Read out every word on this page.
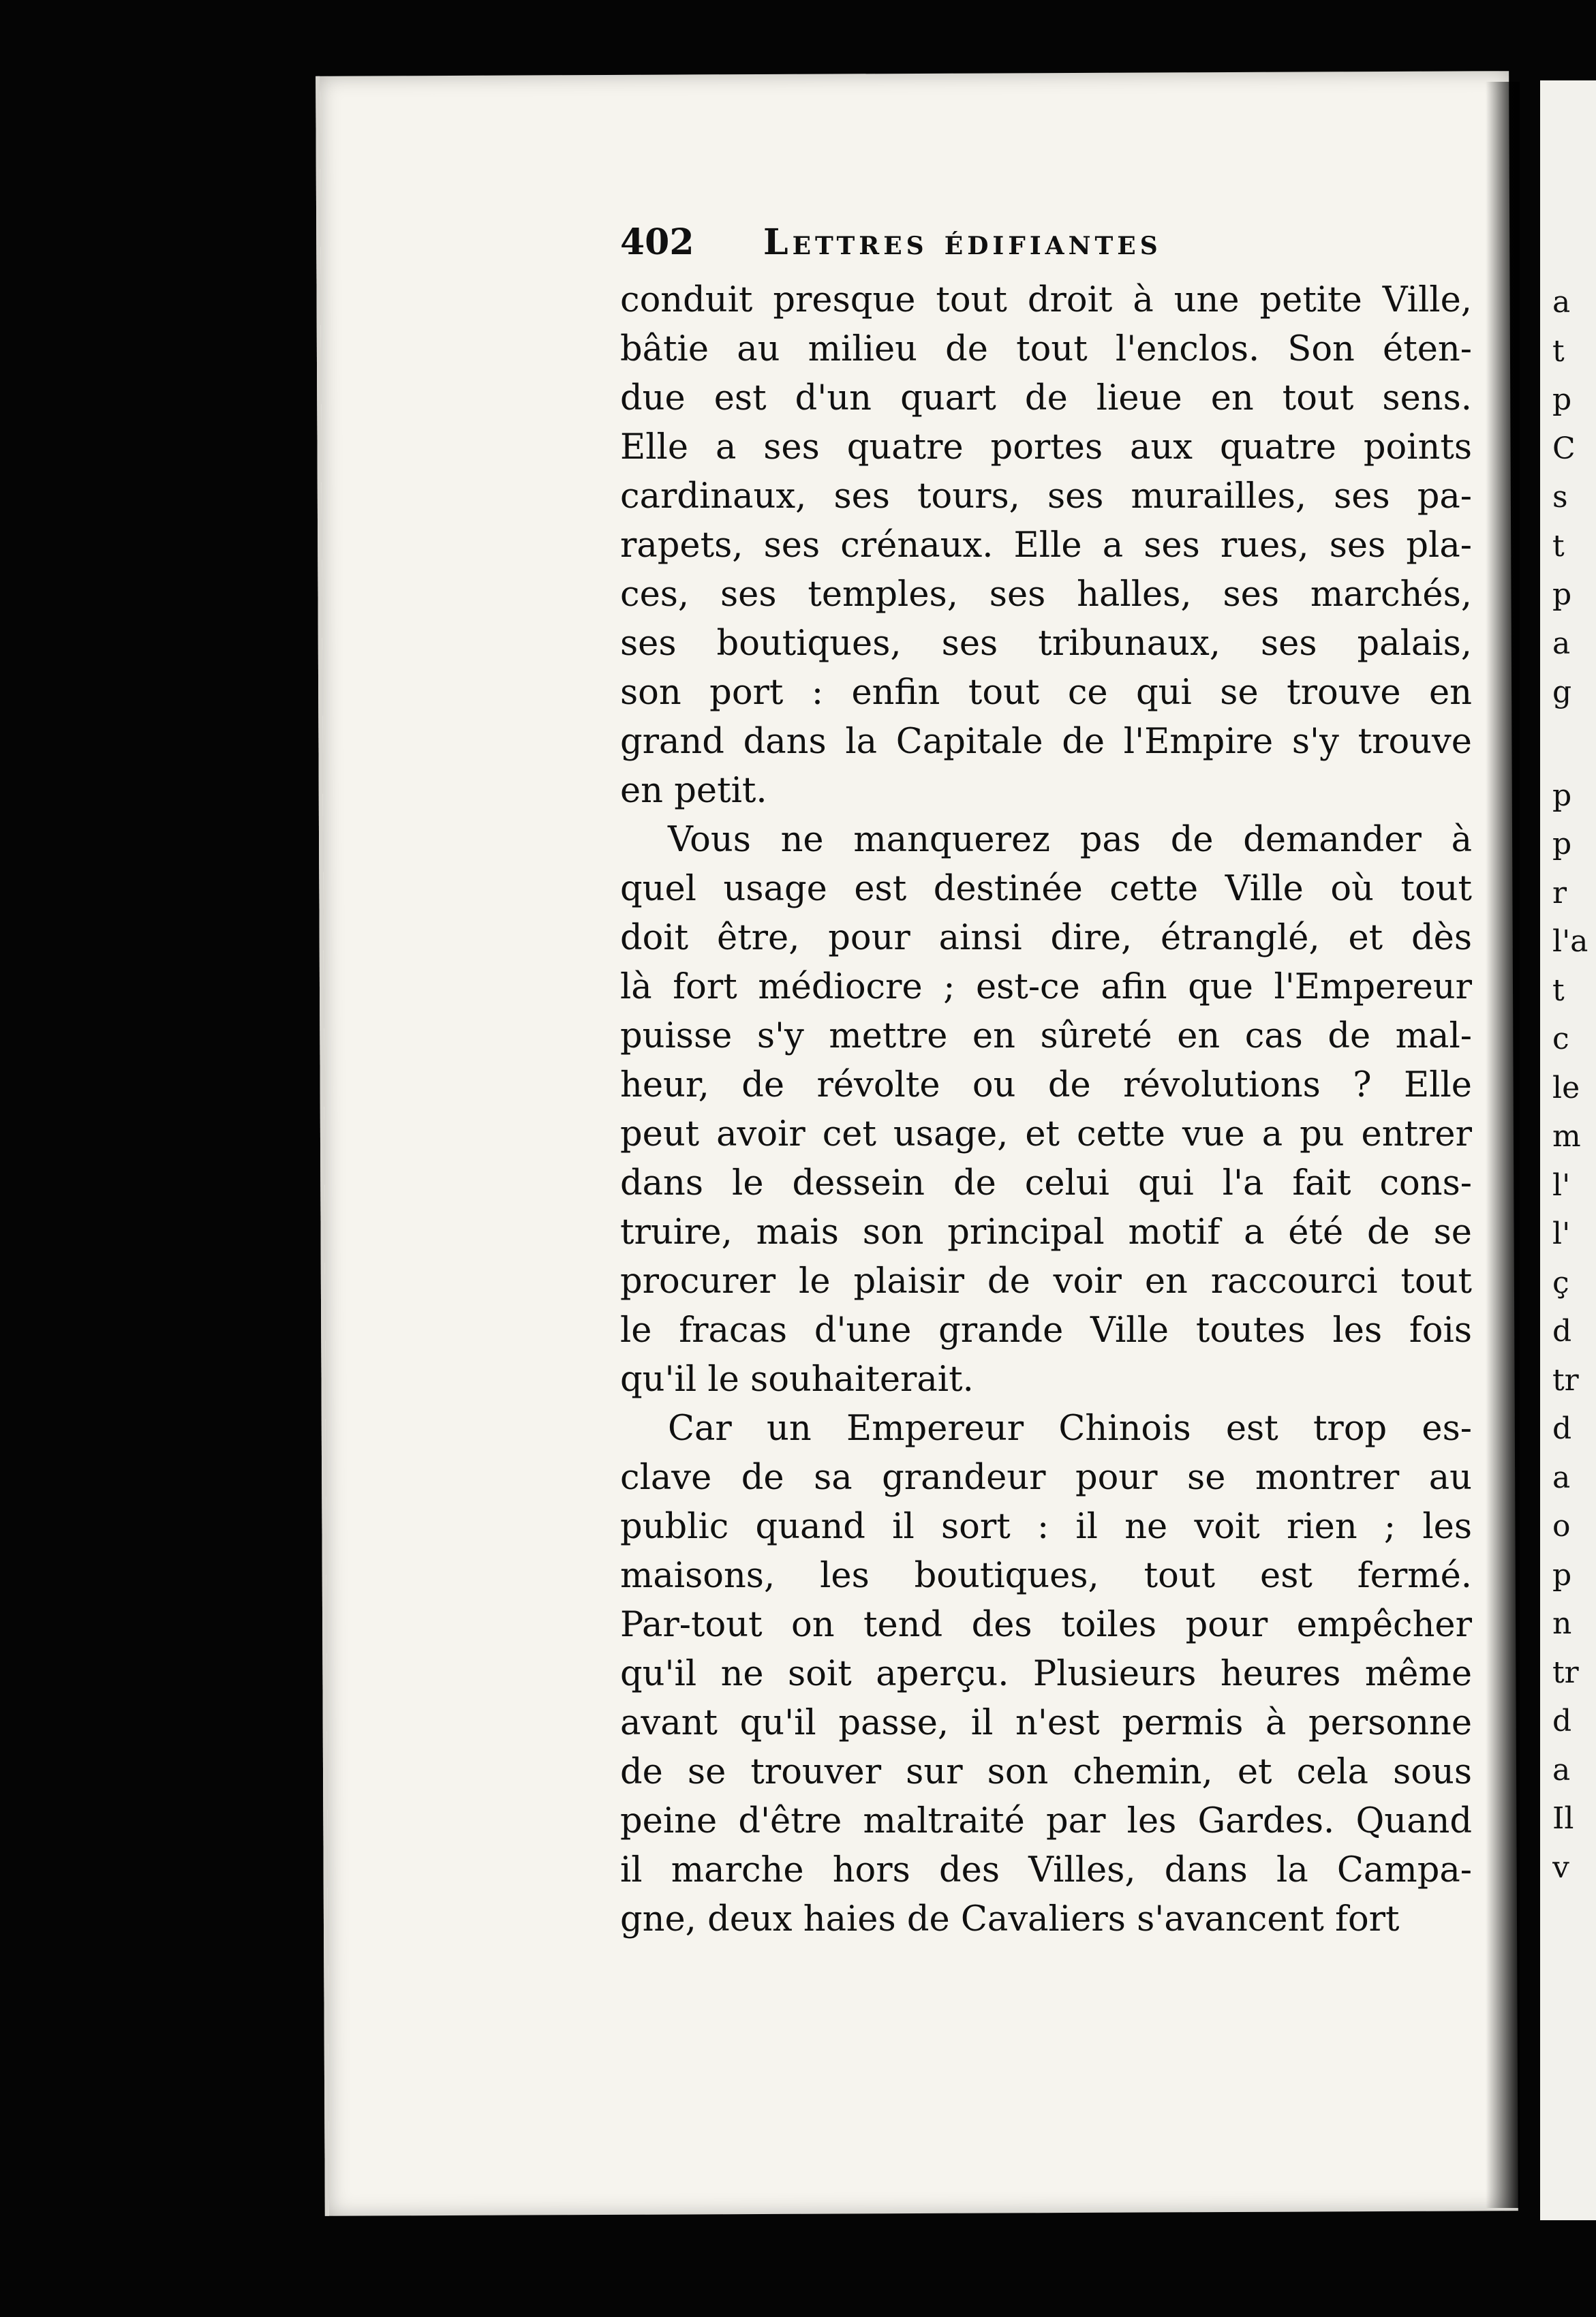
a
t
p
C
s
t
p
a
g
p
p
r
l'a
t
c
le
m
l'
l'
ç
d
tr
d
a
o
p
n
tr
d
a
Il
v
402	Lettres édifiantes
conduit presque tout droit à une petite Ville,
bâtie au milieu de tout l'enclos. Son éten-
due est d'un quart de lieue en tout sens.
Elle a ses quatre portes aux quatre points
cardinaux, ses tours, ses murailles, ses pa-
rapets, ses crénaux. Elle a ses rues, ses pla-
ces, ses temples, ses halles, ses marchés,
ses boutiques, ses tribunaux, ses palais,
son port : enfin tout ce qui se trouve en
grand dans la Capitale de l'Empire s'y trouve
en petit.
Vous ne manquerez pas de demander à
quel usage est destinée cette Ville où tout
doit être, pour ainsi dire, étranglé, et dès
là fort médiocre ; est-ce afin que l'Empereur
puisse s'y mettre en sûreté en cas de mal-
heur, de révolte ou de révolutions ? Elle
peut avoir cet usage, et cette vue a pu entrer
dans le dessein de celui qui l'a fait cons-
truire, mais son principal motif a été de se
procurer le plaisir de voir en raccourci tout
le fracas d'une grande Ville toutes les fois
qu'il le souhaiterait.
Car un Empereur Chinois est trop es-
clave de sa grandeur pour se montrer au
public quand il sort : il ne voit rien ; les
maisons, les boutiques, tout est fermé.
Par-tout on tend des toiles pour empêcher
qu'il ne soit aperçu. Plusieurs heures même
avant qu'il passe, il n'est permis à personne
de se trouver sur son chemin, et cela sous
peine d'être maltraité par les Gardes. Quand
il marche hors des Villes, dans la Campa-
gne, deux haies de Cavaliers s'avancent fort
